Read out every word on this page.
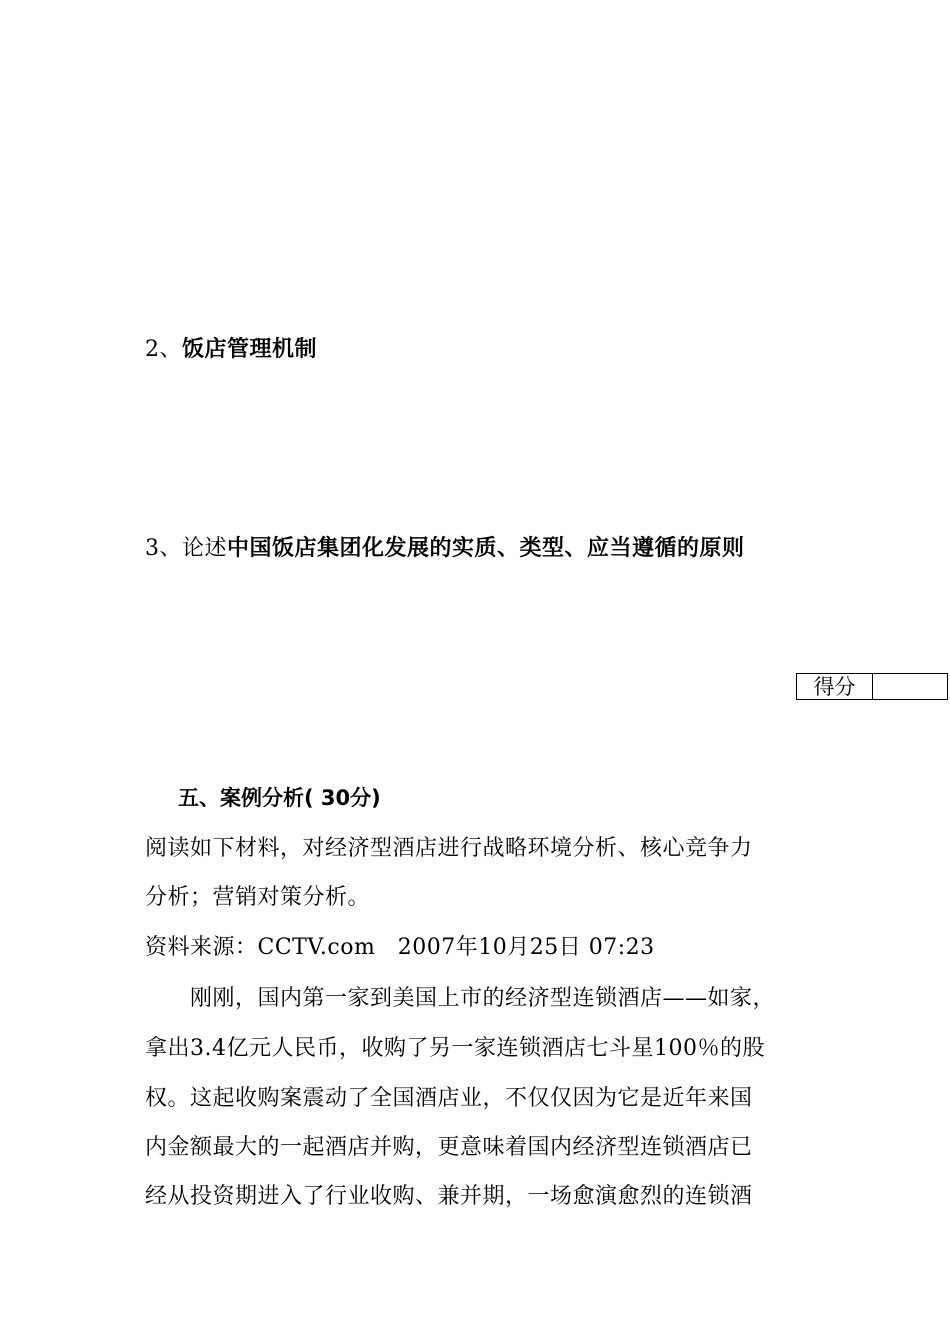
2、饭店管理机制
3、论述中国饭店集团化发展的实质、类型、应当遵循的原则
得分
五、案例分析( 30分)
阅读如下材料，对经济型酒店进行战略环境分析、核心竞争力
分析；营销对策分析。
资料来源：CCTV.com　2007年10月25日 07:23
　　刚刚，国内第一家到美国上市的经济型连锁酒店——如家，
拿出3.4亿元人民币，收购了另一家连锁酒店七斗星100％的股
权。这起收购案震动了全国酒店业，不仅仅因为它是近年来国
内金额最大的一起酒店并购，更意味着国内经济型连锁酒店已
经从投资期进入了行业收购、兼并期，一场愈演愈烈的连锁酒
